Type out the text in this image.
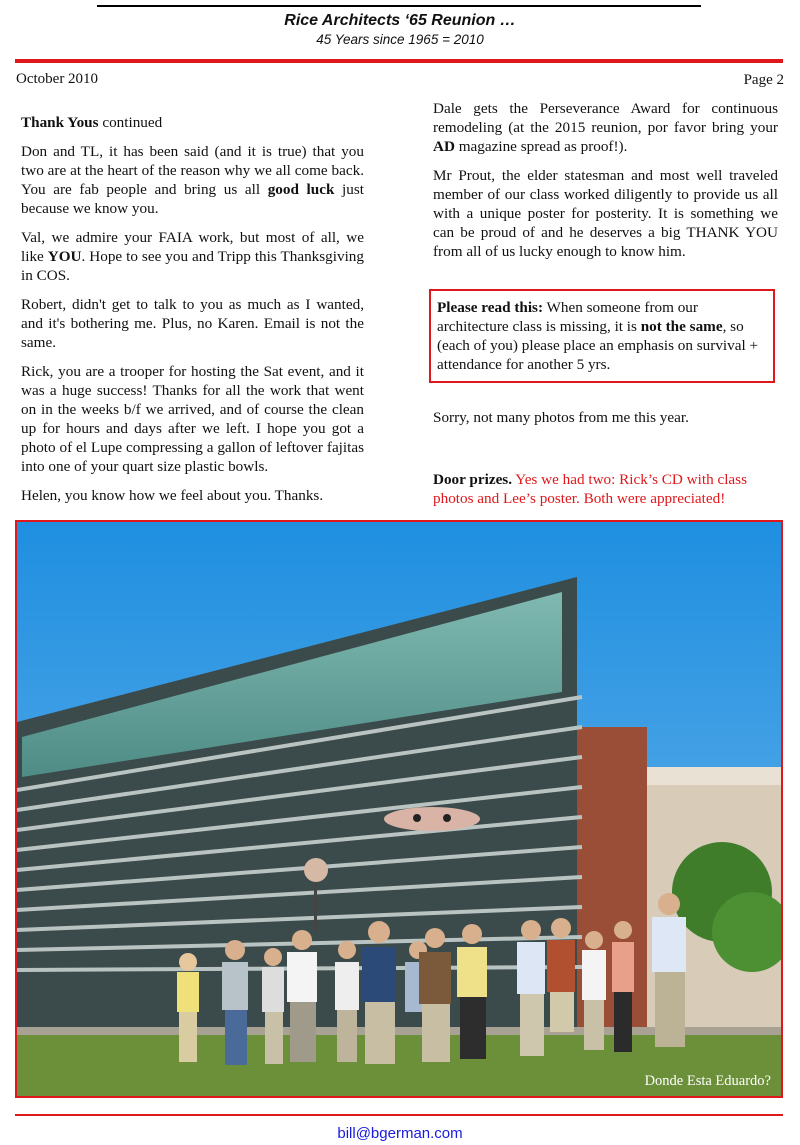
Rice Architects ‘65 Reunion …
45 Years since 1965 = 2010
October 2010	Page 2

Thank Yous continued

Don and TL, it has been said (and it is true) that you two are at the heart of the reason why we all come back. You are fab people and bring us all good luck just because we know you.

Val, we admire your FAIA work, but most of all, we like YOU. Hope to see you and Tripp this Thanksgiving in COS.

Robert, didn't get to talk to you as much as I wanted, and it's bothering me. Plus, no Karen. Email is not the same.

Rick, you are a trooper for hosting the Sat event, and it was a huge success! Thanks for all the work that went on in the weeks b/f we arrived, and of course the clean up for hours and days after we left. I hope you got a photo of el Lupe compressing a gallon of leftover fajitas into one of your quart size plastic bowls.

Helen, you know how we feel about you. Thanks.

Dale gets the Perseverance Award for continuous remodeling (at the 2015 reunion, por favor bring your AD magazine spread as proof!).

Mr Prout, the elder statesman and most well traveled member of our class worked diligently to provide us all with a unique poster for posterity. It is something we can be proud of and he deserves a big THANK YOU from all of us lucky enough to know him.

Please read this: When someone from our architecture class is missing, it is not the same, so (each of you) please place an emphasis on survival + attendance for another 5 yrs.
Sorry, not many photos from me this year.
Door prizes. Yes we had two: Rick’s CD with class photos and Lee’s poster. Both were appreciated!
Donde Esta Eduardo?
bill@bgerman.com
